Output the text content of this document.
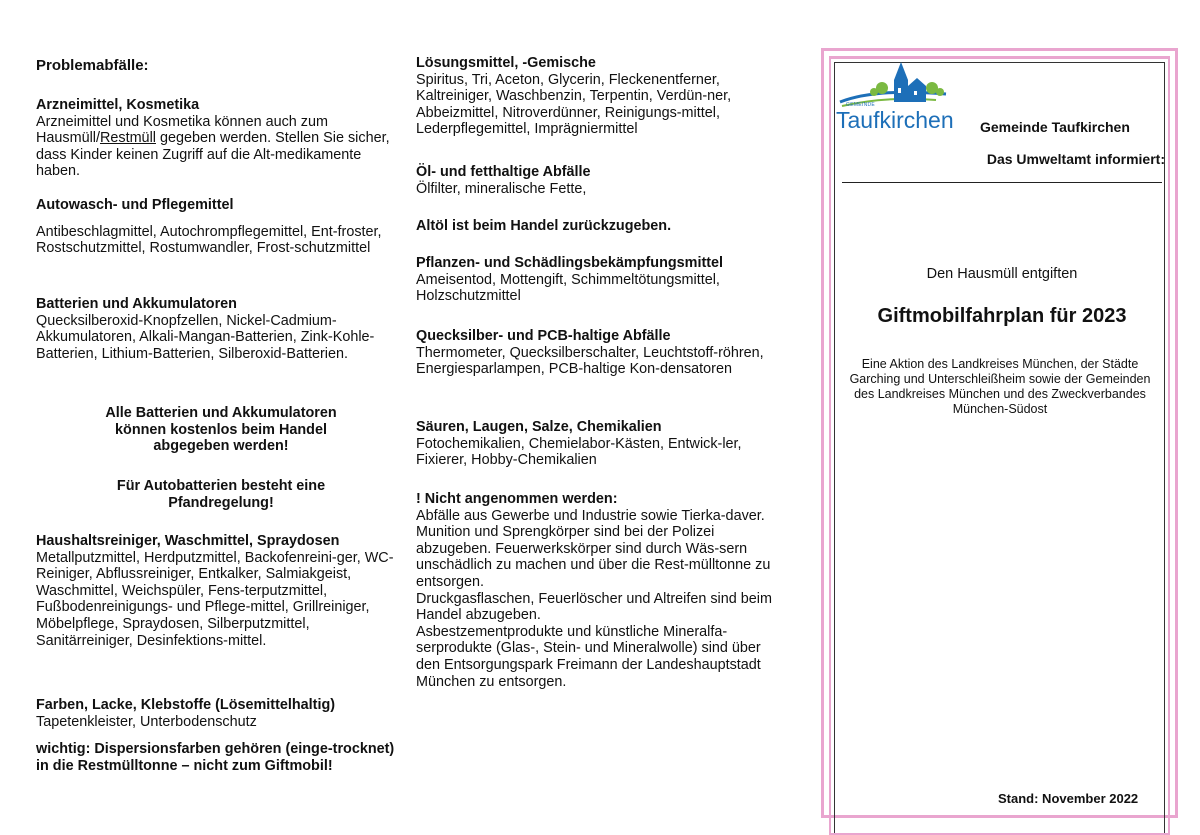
Problemabfälle:
Arzneimittel, Kosmetika
Arzneimittel und Kosmetika können auch zum Hausmüll/Restmüll gegeben werden. Stellen Sie sicher, dass Kinder keinen Zugriff auf die Alt-medikamente haben.
Autowasch- und Pflegemittel
Antibeschlagmittel, Autochrompflegemittel, Ent-froster, Rostschutzmittel, Rostumwandler, Frost-schutzmittel
Batterien und Akkumulatoren
Quecksilberoxid-Knopfzellen, Nickel-Cadmium-Akkumulatoren, Alkali-Mangan-Batterien, Zink-Kohle-Batterien, Lithium-Batterien, Silberoxid-Batterien.
Alle Batterien und Akkumulatoren
können kostenlos beim Handel
abgegeben werden!
Für Autobatterien besteht eine
Pfandregelung!
Haushaltsreiniger, Waschmittel, Spraydosen
Metallputzmittel, Herdputzmittel, Backofenreini-ger, WC-Reiniger, Abflussreiniger, Entkalker, Salmiakgeist, Waschmittel, Weichspüler, Fens-terputzmittel, Fußbodenreinigungs- und Pflege-mittel, Grillreiniger, Möbelpflege, Spraydosen, Silberputzmittel, Sanitärreiniger, Desinfektions-mittel.
Farben, Lacke, Klebstoffe (Lösemittelhaltig)
Tapetenkleister, Unterbodenschutz
wichtig: Dispersionsfarben gehören (einge-trocknet) in die Restmülltonne – nicht zum Giftmobil!
Lösungsmittel, -Gemische
Spiritus, Tri, Aceton, Glycerin, Fleckenentferner, Kaltreiniger, Waschbenzin, Terpentin, Verdün-ner, Abbeizmittel, Nitroverdünner, Reinigungs-mittel, Lederpflegemittel, Imprägniermittel
Öl- und fetthaltige Abfälle
Ölfilter, mineralische Fette,
Altöl ist beim Handel zurückzugeben.
Pflanzen- und Schädlingsbekämpfungsmittel
Ameisentod, Mottengift, Schimmeltötungsmittel, Holzschutzmittel
Quecksilber- und PCB-haltige Abfälle
Thermometer, Quecksilberschalter, Leuchtstoff-röhren, Energiesparlampen, PCB-haltige Kon-densatoren
Säuren, Laugen, Salze, Chemikalien
Fotochemikalien, Chemielabor-Kästen, Entwick-ler, Fixierer, Hobby-Chemikalien
! Nicht angenommen werden:
Abfälle aus Gewerbe und Industrie sowie Tierka-daver.
Munition und Sprengkörper sind bei der Polizei abzugeben. Feuerwerkskörper sind durch Wäs-sern unschädlich zu machen und über die Rest-mülltonne zu entsorgen.
Druckgasflaschen, Feuerlöscher und Altreifen sind beim Handel abzugeben.
Asbestzementprodukte und künstliche Mineralfa-serprodukte (Glas-, Stein- und Mineralwolle) sind über den Entsorgungspark Freimann der Landeshauptstadt München zu entsorgen.
GEMEINDE
Taufkirchen Gemeinde Taufkirchen
Das Umweltamt informiert:
Den Hausmüll entgiften
Giftmobilfahrplan für 2023
Eine Aktion des Landkreises München, der Städte Garching und Unterschleißheim sowie der Gemeinden des Landkreises München und des Zweckverbandes München-Südost
Stand: November 2022
